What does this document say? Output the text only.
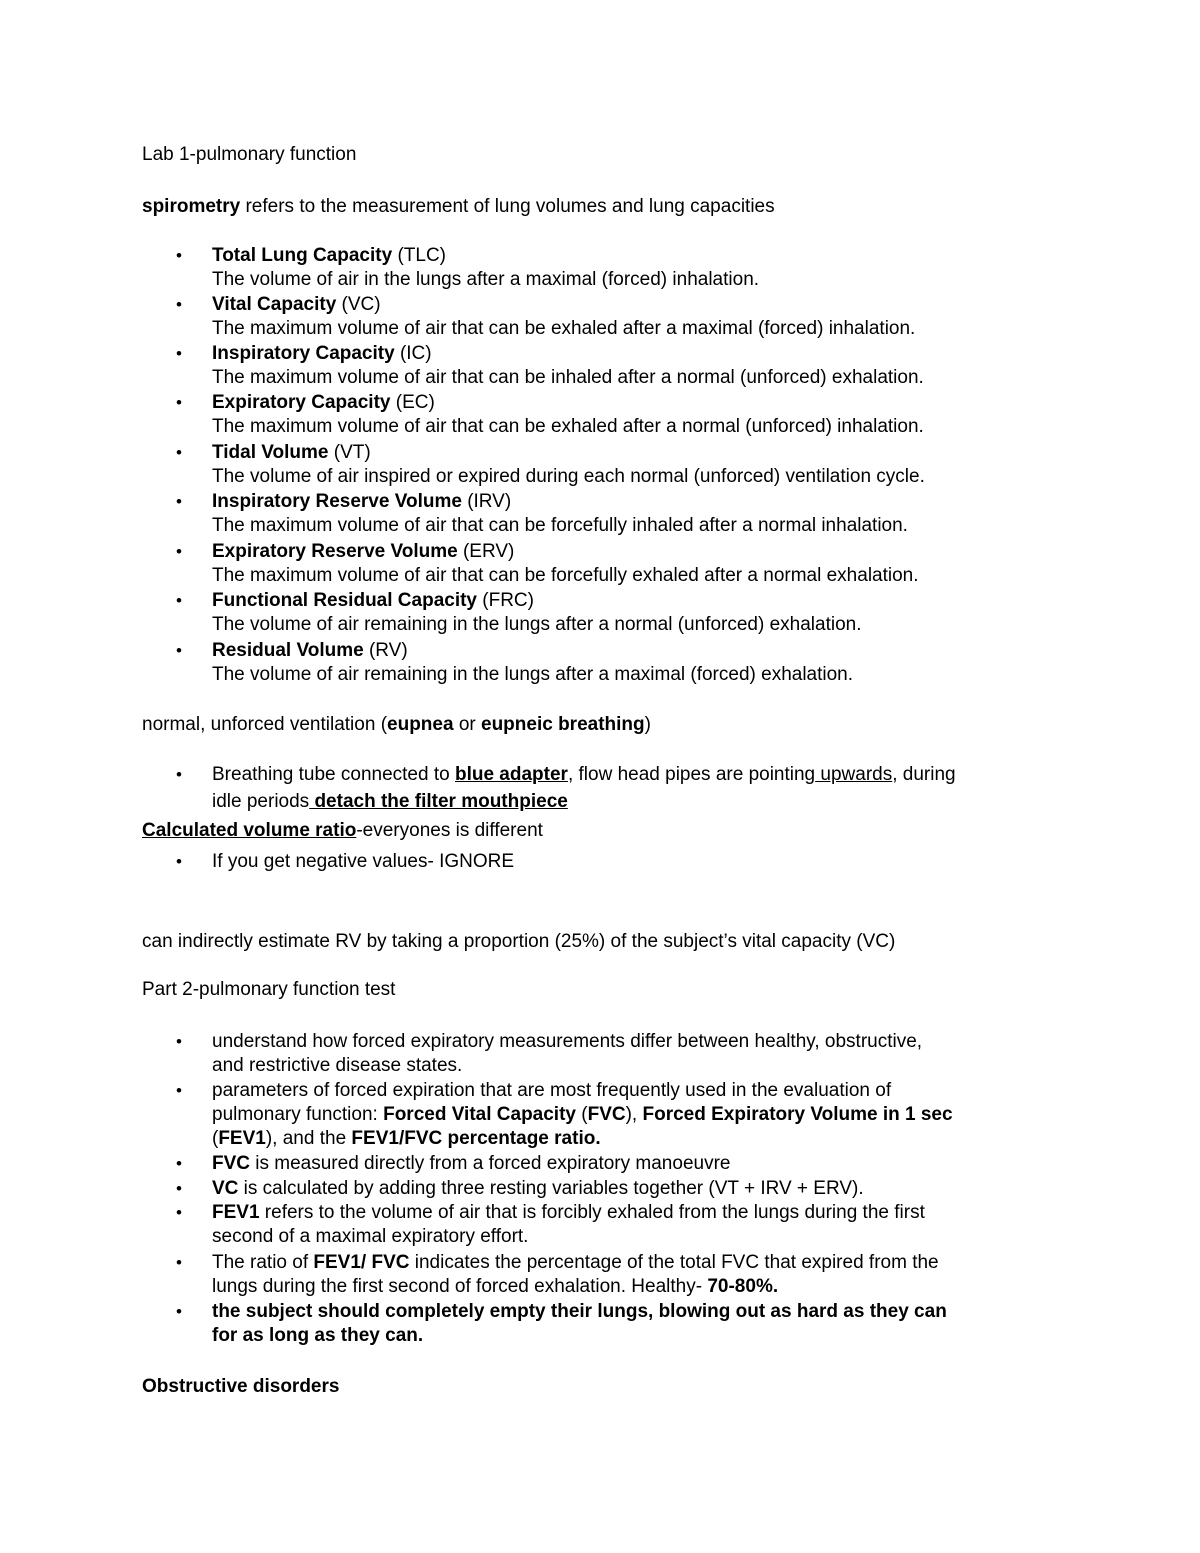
Lab 1-pulmonary function
spirometry refers to the measurement of lung volumes and lung capacities
• Total Lung Capacity (TLC)
The volume of air in the lungs after a maximal (forced) inhalation.
• Vital Capacity (VC)
The maximum volume of air that can be exhaled after a maximal (forced) inhalation.
• Inspiratory Capacity (IC)
The maximum volume of air that can be inhaled after a normal (unforced) exhalation.
• Expiratory Capacity (EC)
The maximum volume of air that can be exhaled after a normal (unforced) inhalation.
• Tidal Volume (VT)
The volume of air inspired or expired during each normal (unforced) ventilation cycle.
• Inspiratory Reserve Volume (IRV)
The maximum volume of air that can be forcefully inhaled after a normal inhalation.
• Expiratory Reserve Volume (ERV)
The maximum volume of air that can be forcefully exhaled after a normal exhalation.
• Functional Residual Capacity (FRC)
The volume of air remaining in the lungs after a normal (unforced) exhalation.
• Residual Volume (RV)
The volume of air remaining in the lungs after a maximal (forced) exhalation.
normal, unforced ventilation (eupnea or eupneic breathing)
• Breathing tube connected to blue adapter, flow head pipes are pointing upwards, during
idle periods detach the filter mouthpiece
Calculated volume ratio-everyones is different
• If you get negative values- IGNORE
can indirectly estimate RV by taking a proportion (25%) of the subject’s vital capacity (VC)
Part 2-pulmonary function test
• understand how forced expiratory measurements differ between healthy, obstructive,
and restrictive disease states.
• parameters of forced expiration that are most frequently used in the evaluation of
pulmonary function: Forced Vital Capacity (FVC), Forced Expiratory Volume in 1 sec
(FEV1), and the FEV1/FVC percentage ratio.
• FVC is measured directly from a forced expiratory manoeuvre
• VC is calculated by adding three resting variables together (VT + IRV + ERV).
• FEV1 refers to the volume of air that is forcibly exhaled from the lungs during the first
second of a maximal expiratory effort.
• The ratio of FEV1/ FVC indicates the percentage of the total FVC that expired from the
lungs during the first second of forced exhalation. Healthy- 70-80%.
• the subject should completely empty their lungs, blowing out as hard as they can
for as long as they can.
Obstructive disorders
